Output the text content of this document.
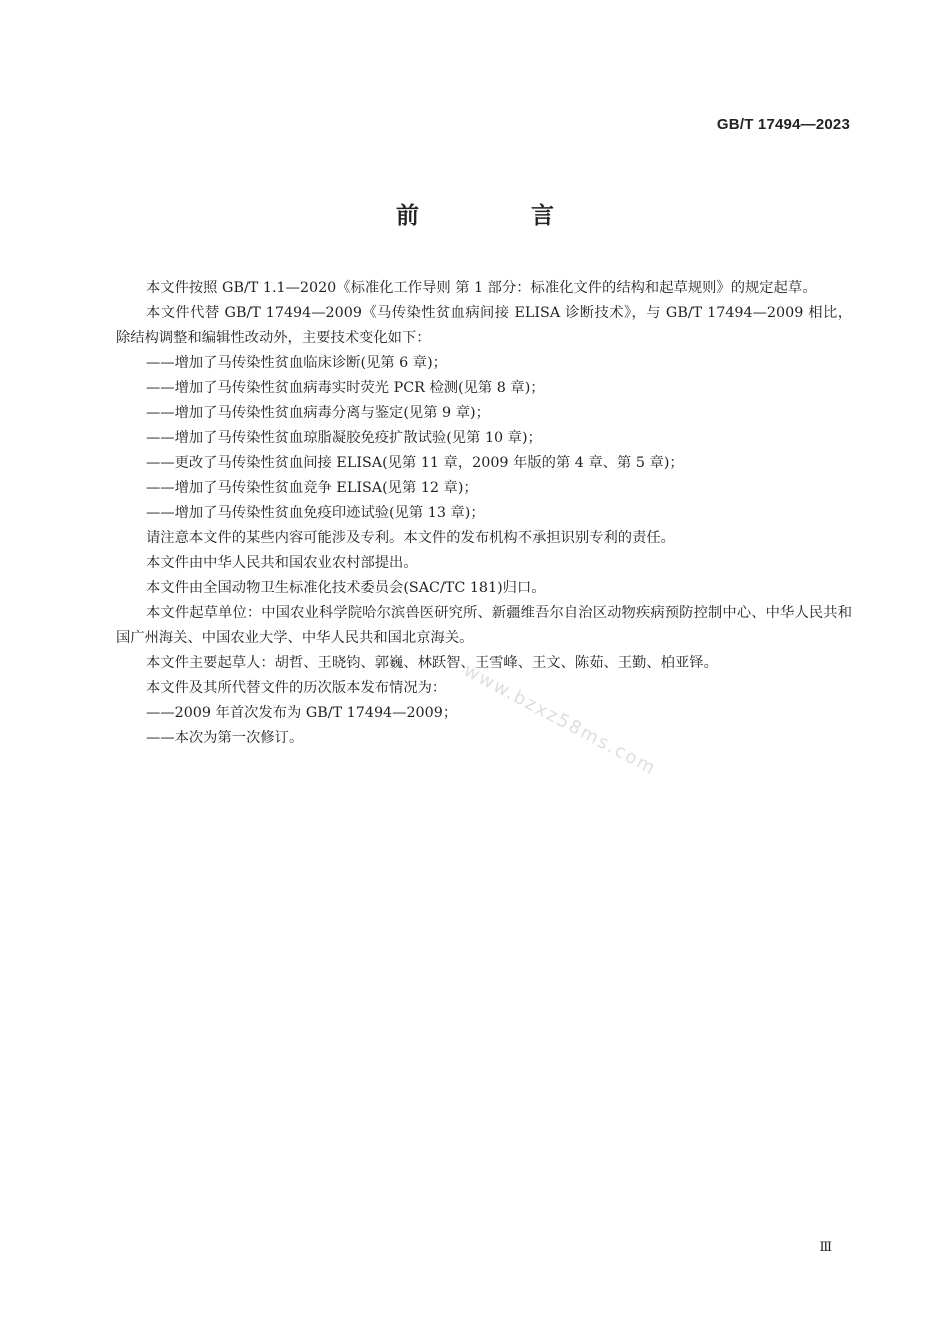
GB/T 17494—2023
前 言

本文件按照 GB/T 1.1—2020《标准化工作导则 第 1 部分：标准化文件的结构和起草规则》的规定起草。

本文件代替 GB/T 17494—2009《马传染性贫血病间接 ELISA 诊断技术》，与 GB/T 17494—2009 相比，除结构调整和编辑性改动外，主要技术变化如下：

——增加了马传染性贫血临床诊断(见第 6 章)；

——增加了马传染性贫血病毒实时荧光 PCR 检测(见第 8 章)；

——增加了马传染性贫血病毒分离与鉴定(见第 9 章)；

——增加了马传染性贫血琼脂凝胶免疫扩散试验(见第 10 章)；

——更改了马传染性贫血间接 ELISA(见第 11 章，2009 年版的第 4 章、第 5 章)；

——增加了马传染性贫血竞争 ELISA(见第 12 章)；

——增加了马传染性贫血免疫印迹试验(见第 13 章)；

请注意本文件的某些内容可能涉及专利。本文件的发布机构不承担识别专利的责任。

本文件由中华人民共和国农业农村部提出。

本文件由全国动物卫生标准化技术委员会(SAC/TC 181)归口。

本文件起草单位：中国农业科学院哈尔滨兽医研究所、新疆维吾尔自治区动物疾病预防控制中心、中华人民共和国广州海关、中国农业大学、中华人民共和国北京海关。

本文件主要起草人：胡哲、王晓钧、郭巍、林跃智、王雪峰、王文、陈茹、王勤、柏亚铎。

本文件及其所代替文件的历次版本发布情况为：

——2009 年首次发布为 GB/T 17494—2009；

——本次为第一次修订。	www.bzxz58ms.com
Ⅲ
